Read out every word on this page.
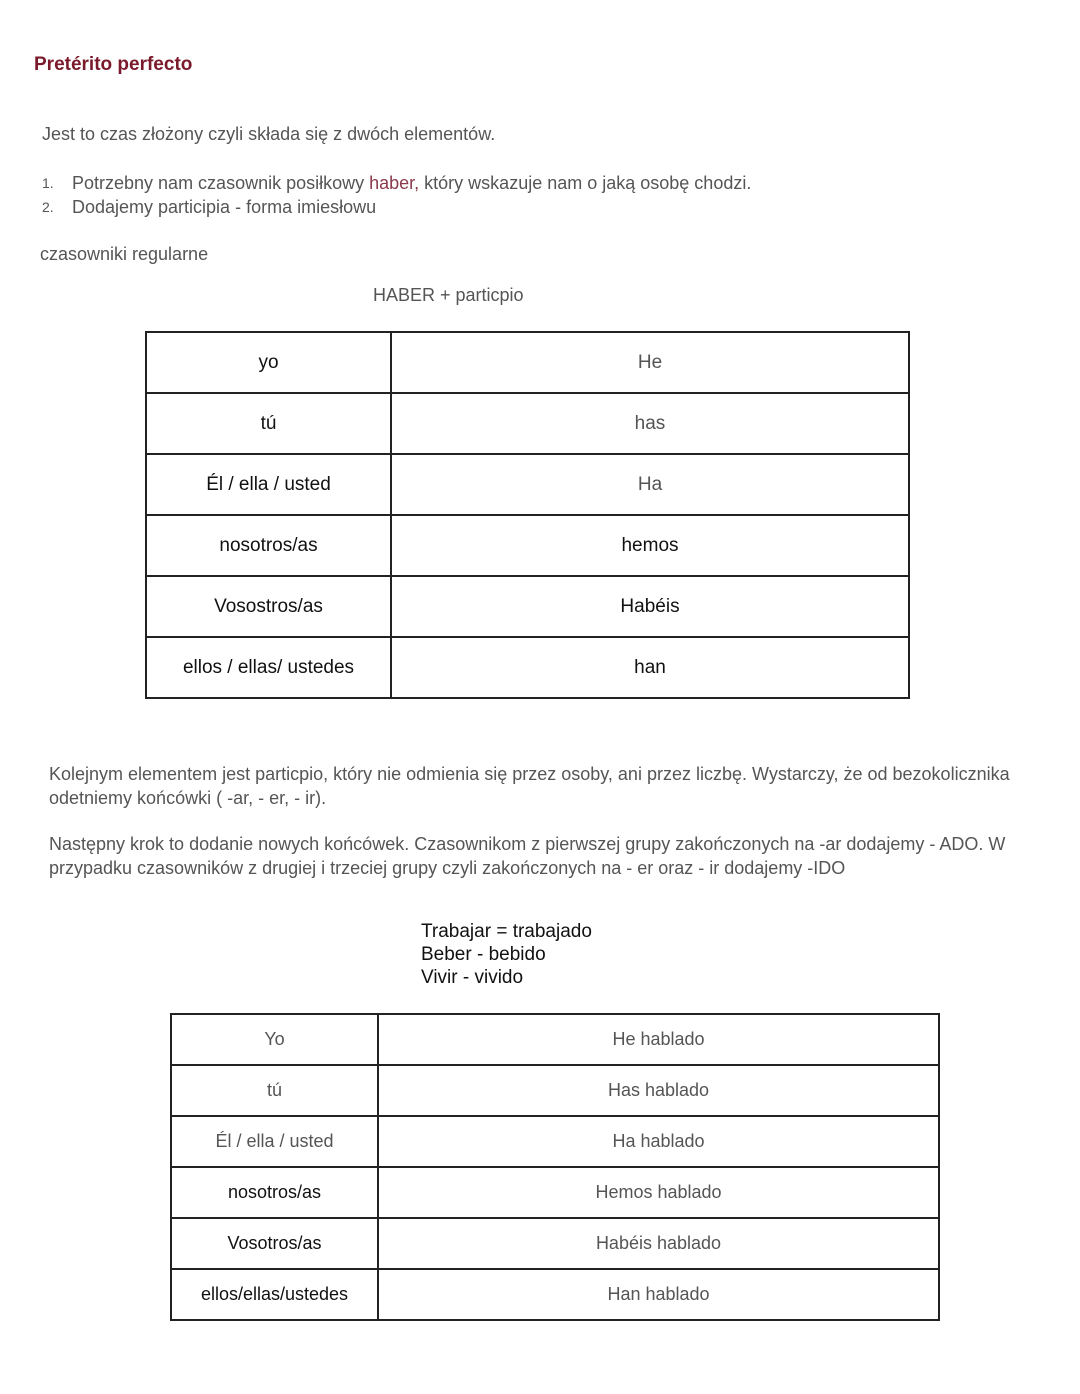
Pretérito perfecto
Jest to czas złożony czyli składa się z dwóch elementów.
1. Potrzebny nam czasownik posiłkowy haber, który wskazuje nam o jaką osobę chodzi.
2. Dodajemy participia - forma imiesłowu
czasowniki regularne
HABER + particpio
yo	He
tú	has
Él / ella / usted	Ha
nosotros/as	hemos
Vosostros/as	Habéis
ellos / ellas/ ustedes	han
Kolejnym elementem jest particpio, który nie odmienia się przez osoby, ani przez liczbę. Wystarczy, że od bezokolicznika odetniemy końcówki ( -ar, - er, - ir).
Następny krok to dodanie nowych końcówek. Czasownikom z pierwszej grupy zakończonych na -ar dodajemy - ADO. W przypadku czasowników z drugiej i trzeciej grupy czyli zakończonych na - er oraz - ir dodajemy -IDO
Trabajar = trabajado
Beber - bebido
Vivir - vivido
Yo	He hablado
tú	Has hablado
Él / ella / usted	Ha hablado
nosotros/as	Hemos hablado
Vosotros/as	Habéis hablado
ellos/ellas/ustedes	Han hablado
